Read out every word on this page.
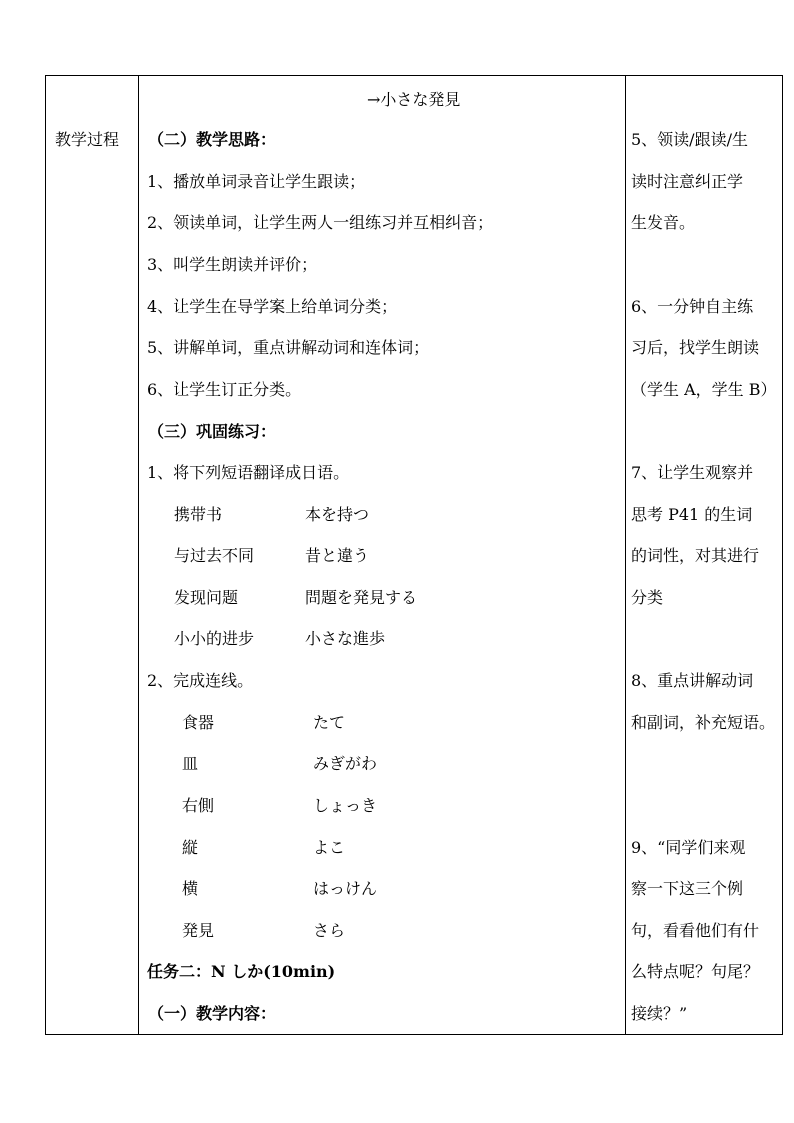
教学过程
→小さな発見
（二）教学思路：
1、播放单词录音让学生跟读；
2、领读单词，让学生两人一组练习并互相纠音；
3、叫学生朗读并评价；
4、让学生在导学案上给单词分类；
5、讲解单词，重点讲解动词和连体词；
6、让学生订正分类。
（三）巩固练习：
1、将下列短语翻译成日语。
携带书	本を持つ
与过去不同	昔と違う
发现问题	問題を発見する
小小的进步	小さな進歩
2、完成连线。
食器	たて
皿	みぎがわ
右側	しょっき
縦	よこ
横	はっけん
発見	さら
任务二：N しか(10min)
（一）教学内容：
5、领读/跟读/生
读时注意纠正学
生发音。
6、一分钟自主练
习后，找学生朗读
（学生 A，学生 B）
7、让学生观察并
思考 P41 的生词
的词性，对其进行
分类
8、重点讲解动词
和副词，补充短语。
9、“同学们来观
察一下这三个例
句，看看他们有什
么特点呢？句尾？
接续？”
